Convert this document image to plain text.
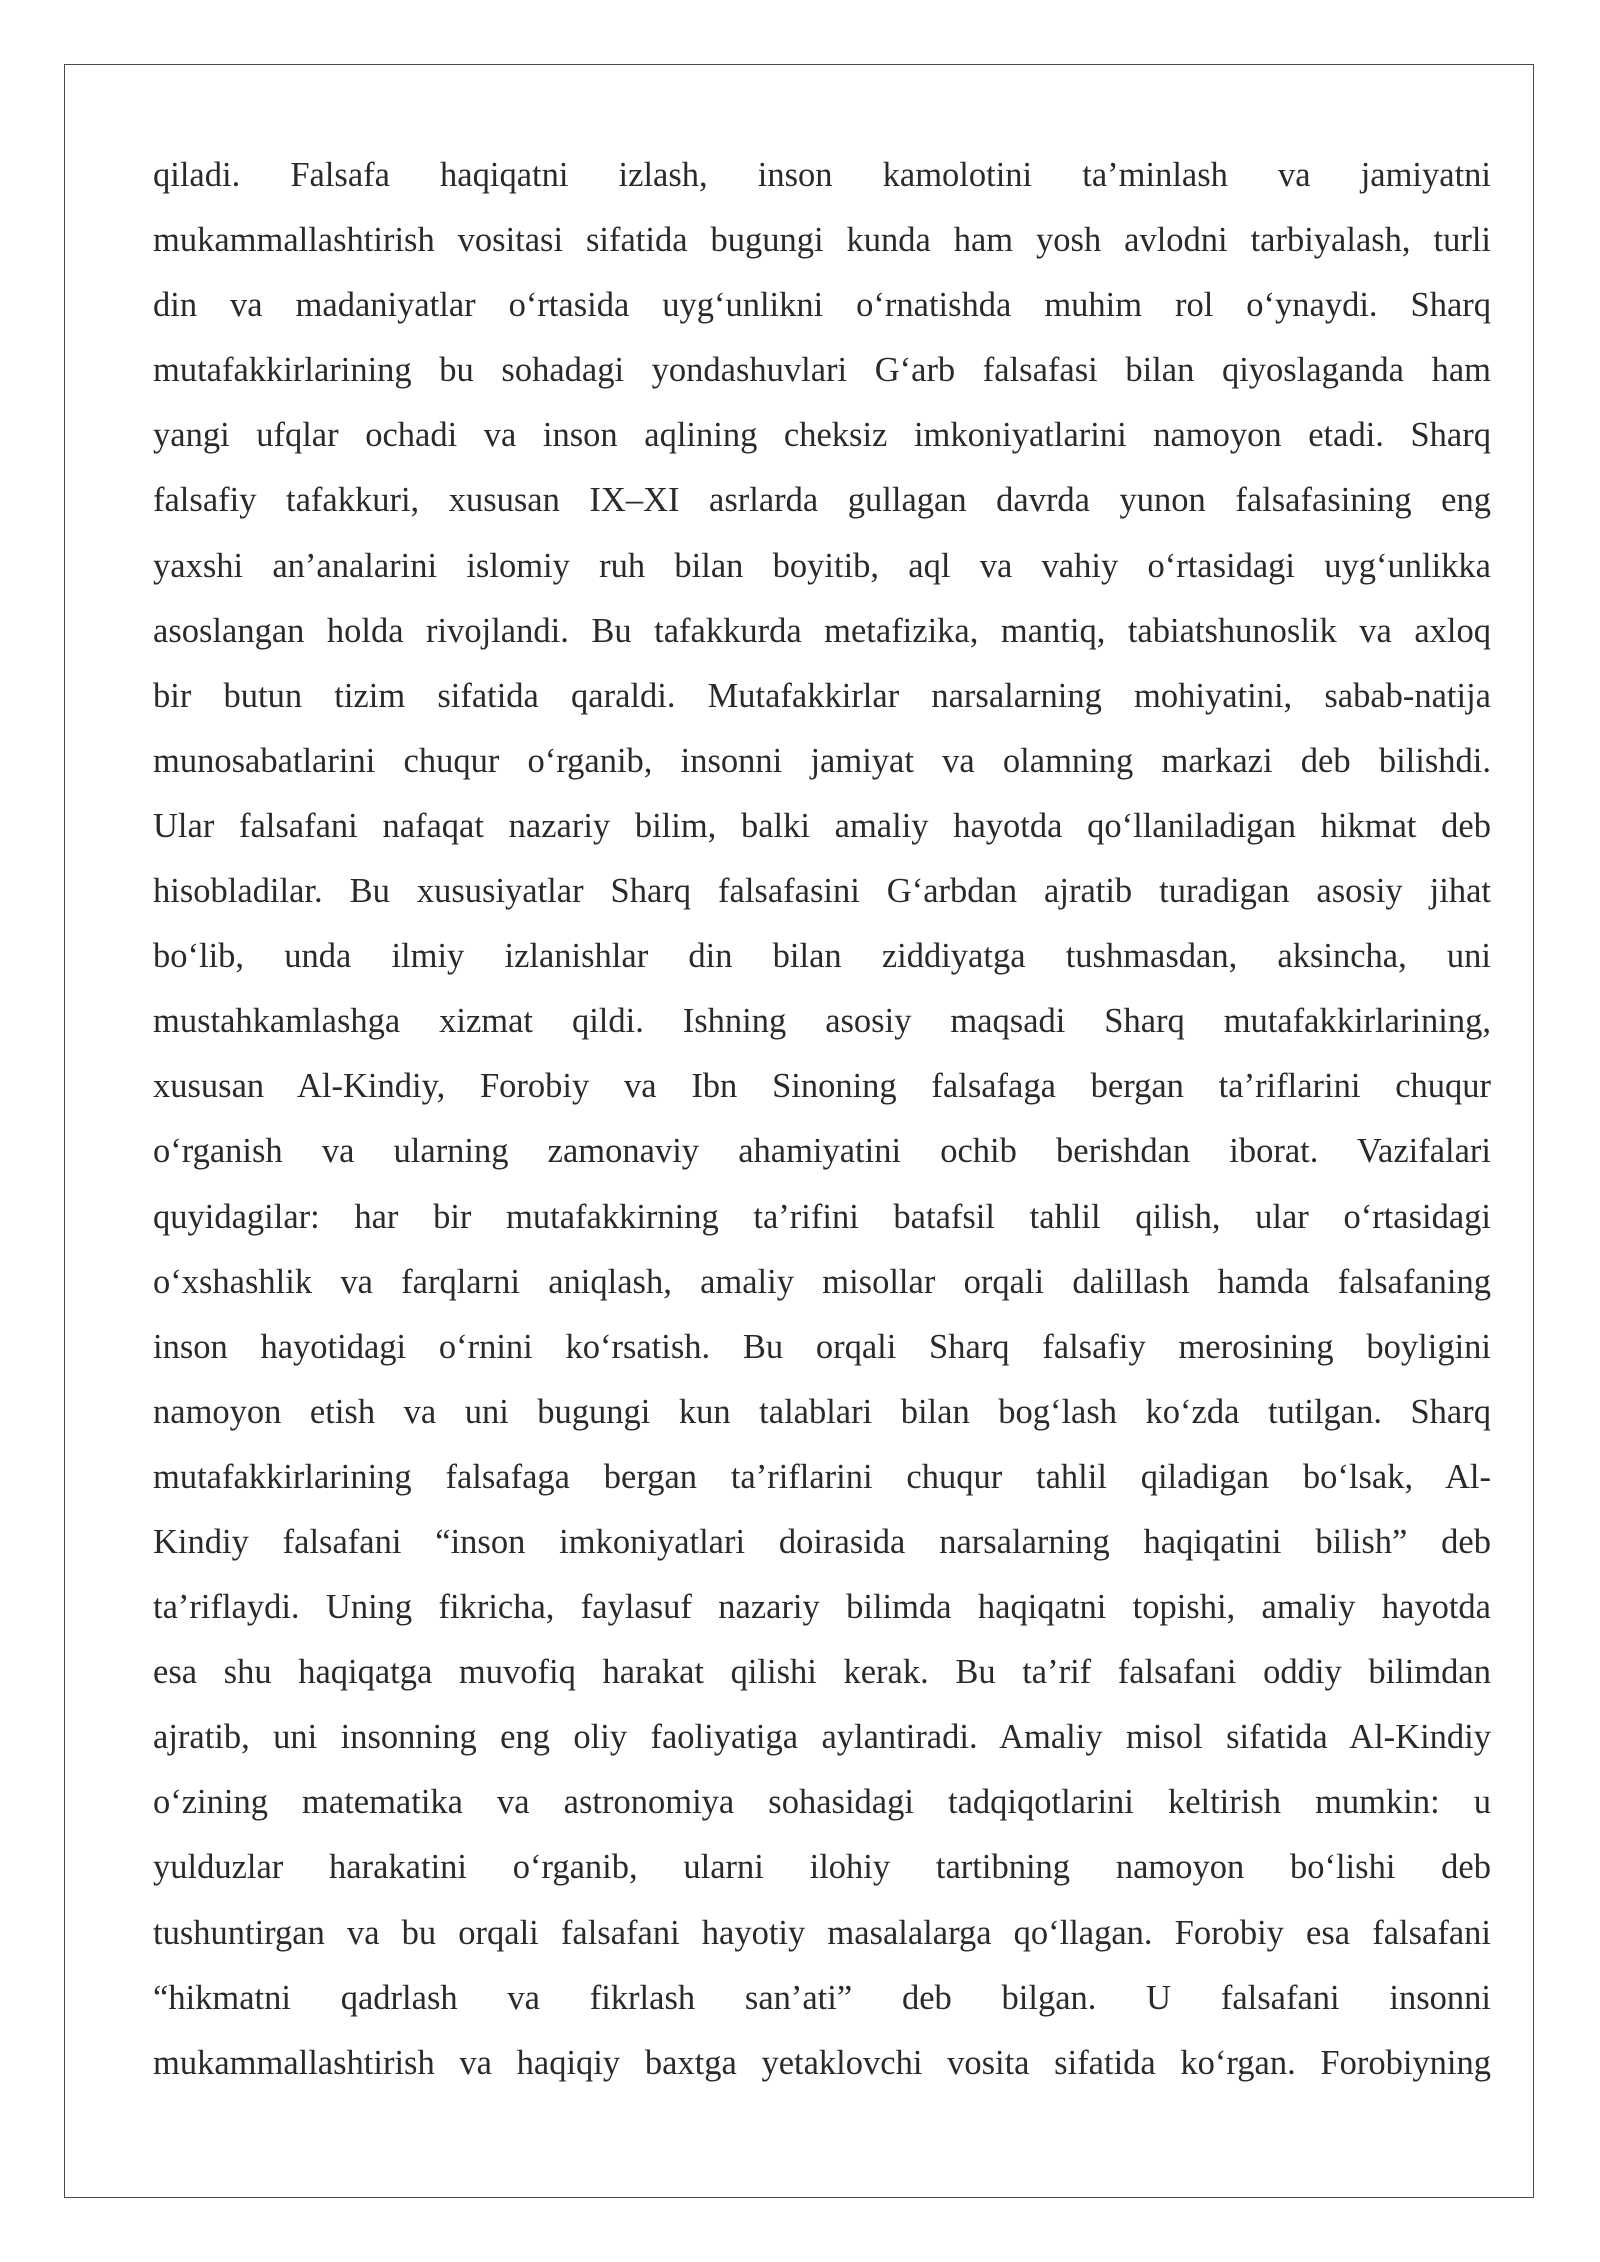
qiladi. Falsafa haqiqatni izlash, inson kamolotini ta’minlash va jamiyatni
mukammallashtirish vositasi sifatida bugungi kunda ham yosh avlodni tarbiyalash, turli
din va madaniyatlar o‘rtasida uyg‘unlikni o‘rnatishda muhim rol o‘ynaydi. Sharq
mutafakkirlarining bu sohadagi yondashuvlari G‘arb falsafasi bilan qiyoslaganda ham
yangi ufqlar ochadi va inson aqlining cheksiz imkoniyatlarini namoyon etadi. Sharq
falsafiy tafakkuri, xususan IX–XI asrlarda gullagan davrda yunon falsafasining eng
yaxshi an’analarini islomiy ruh bilan boyitib, aql va vahiy o‘rtasidagi uyg‘unlikka
asoslangan holda rivojlandi. Bu tafakkurda metafizika, mantiq, tabiatshunoslik va axloq
bir butun tizim sifatida qaraldi. Mutafakkirlar narsalarning mohiyatini, sabab-natija
munosabatlarini chuqur o‘rganib, insonni jamiyat va olamning markazi deb bilishdi.
Ular falsafani nafaqat nazariy bilim, balki amaliy hayotda qo‘llaniladigan hikmat deb
hisobladilar. Bu xususiyatlar Sharq falsafasini G‘arbdan ajratib turadigan asosiy jihat
bo‘lib, unda ilmiy izlanishlar din bilan ziddiyatga tushmasdan, aksincha, uni
mustahkamlashga xizmat qildi. Ishning asosiy maqsadi Sharq mutafakkirlarining,
xususan Al-Kindiy, Forobiy va Ibn Sinoning falsafaga bergan ta’riflarini chuqur
o‘rganish va ularning zamonaviy ahamiyatini ochib berishdan iborat. Vazifalari
quyidagilar: har bir mutafakkirning ta’rifini batafsil tahlil qilish, ular o‘rtasidagi
o‘xshashlik va farqlarni aniqlash, amaliy misollar orqali dalillash hamda falsafaning
inson hayotidagi o‘rnini ko‘rsatish. Bu orqali Sharq falsafiy merosining boyligini
namoyon etish va uni bugungi kun talablari bilan bog‘lash ko‘zda tutilgan. Sharq
mutafakkirlarining falsafaga bergan ta’riflarini chuqur tahlil qiladigan bo‘lsak, Al-
Kindiy falsafani “inson imkoniyatlari doirasida narsalarning haqiqatini bilish” deb
ta’riflaydi. Uning fikricha, faylasuf nazariy bilimda haqiqatni topishi, amaliy hayotda
esa shu haqiqatga muvofiq harakat qilishi kerak. Bu ta’rif falsafani oddiy bilimdan
ajratib, uni insonning eng oliy faoliyatiga aylantiradi. Amaliy misol sifatida Al-Kindiy
o‘zining matematika va astronomiya sohasidagi tadqiqotlarini keltirish mumkin: u
yulduzlar harakatini o‘rganib, ularni ilohiy tartibning namoyon bo‘lishi deb
tushuntirgan va bu orqali falsafani hayotiy masalalarga qo‘llagan. Forobiy esa falsafani
“hikmatni qadrlash va fikrlash san’ati” deb bilgan. U falsafani insonni
mukammallashtirish va haqiqiy baxtga yetaklovchi vosita sifatida ko‘rgan. Forobiyning
